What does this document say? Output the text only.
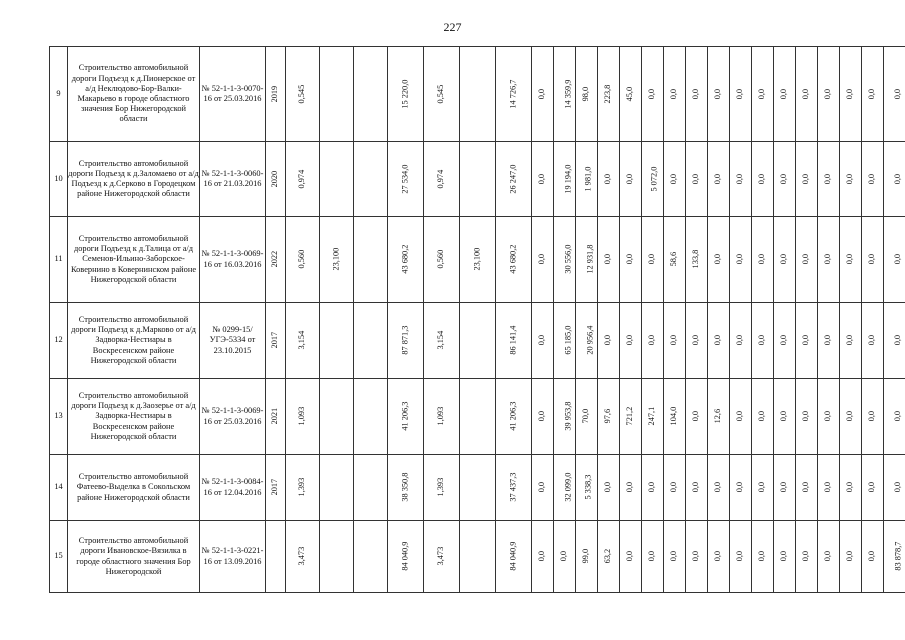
227
9	Строительство автомобильной дороги Подъезд к д.Пионерское от а/д Неклюдово-Бор-Валки-Макарьево в городе областного значения Бор Нижегородской области	№ 52-1-1-3-0070-16 от 25.03.2016	2019	0,545			15 220,0	0,545		14 726,7	0,0	14 359,9	98,0	223,8	45,0	0,0	0,0	0,0	0,0	0,0	0,0	0,0	0,0	0,0	0,0	0,0	0,0
10	Строительство автомобильной дороги Подъезд к д.Заломаево от а/д Подъезд к д.Серково в Городецком районе Нижегородской области	№ 52-1-1-3-0060-16 от 21.03.2016	2020	0,974			27 534,0	0,974		26 247,0	0,0	19 194,0	1 981,0	0,0	0,0	5 072,0	0,0	0,0	0,0	0,0	0,0	0,0	0,0	0,0	0,0	0,0	0,0
11	Строительство автомобильной дороги Подъезд к д.Талица от а/д Семенов-Ильино-Заборское-Ковернино в Ковернинском районе Нижегородской области	№ 52-1-1-3-0069-16 от 16.03.2016	2022	0,560	23,100		43 680,2	0,560	23,100	43 680,2	0,0	30 556,0	12 931,8	0,0	0,0	0,0	58,6	133,8	0,0	0,0	0,0	0,0	0,0	0,0	0,0	0,0	0,0
12	Строительство автомобильной дороги Подъезд к д.Марково от а/д Задворка-Нестиары в Воскресенском районе Нижегородской области	№ 0299-15/УГЭ-5334 от 23.10.2015	2017	3,154			87 871,3	3,154		86 141,4	0,0	65 185,0	20 956,4	0,0	0,0	0,0	0,0	0,0	0,0	0,0	0,0	0,0	0,0	0,0	0,0	0,0	0,0
13	Строительство автомобильной дороги Подъезд к д.Заозерье от а/д Задворка-Нестиары в Воскресенском районе Нижегородской области	№ 52-1-1-3-0069-16 от 25.03.2016	2021	1,093			41 206,3	1,093		41 206,3	0,0	39 953,8	70,0	97,6	721,2	247,1	104,0	0,0	12,6	0,0	0,0	0,0	0,0	0,0	0,0	0,0	0,0
14	Строительство автомобильной Фатеево-Выделка в Сокольском районе Нижегородской области	№ 52-1-1-3-0084-16 от 12.04.2016	2017	1,393			38 350,8	1,393		37 437,3	0,0	32 099,0	5 338,3	0,0	0,0	0,0	0,0	0,0	0,0	0,0	0,0	0,0	0,0	0,0	0,0	0,0	0,0
15	Строительство автомобильной дороги Ивановское-Вязилка в городе областного значения Бор Нижегородской	№ 52-1-1-3-0221-16 от 13.09.2016		3,473			84 040,9	3,473		84 040,9	0,0	0,0	99,0	63,2	0,0	0,0	0,0	0,0	0,0	0,0	0,0	0,0	0,0	0,0	0,0	0,0	83 878,7
